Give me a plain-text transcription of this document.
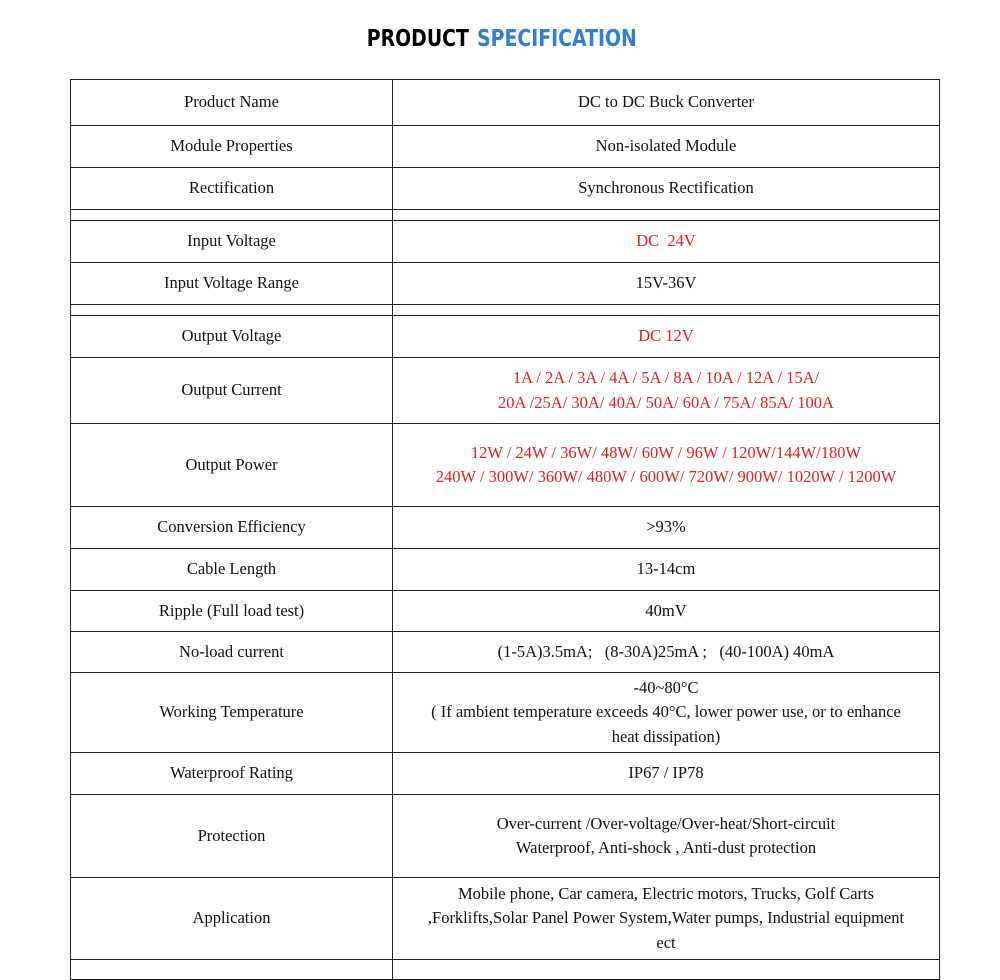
PRODUCT SPECIFICATION
Product Name	DC to DC Buck Converter
Module Properties	Non-isolated Module
Rectification	Synchronous Rectification

Input Voltage	DC  24V
Input Voltage Range	15V-36V

Output Voltage	DC 12V
Output Current	1A / 2A / 3A / 4A / 5A / 8A / 10A / 12A / 15A/
20A /25A/ 30A/ 40A/ 50A/ 60A / 75A/ 85A/ 100A

Output Power	12W / 24W / 36W/ 48W/ 60W / 96W / 120W/144W/180W
240W / 300W/ 360W/ 480W / 600W/ 720W/ 900W/ 1020W / 1200W

Conversion Efficiency	>93%
Cable Length	13-14cm
Ripple (Full load test)	40mV
No-load current	(1-5A)3.5mA;   (8-30A)25mA ;   (40-100A) 40mA
Working Temperature	-40~80°C
( If ambient temperature exceeds 40°C, lower power use, or to enhance
heat dissipation)

Waterproof Rating	IP67 / IP78
Protection	Over-current /Over-voltage/Over-heat/Short-circuit
Waterproof, Anti-shock , Anti-dust protection

Application	Mobile phone, Car camera, Electric motors, Trucks, Golf Carts
,Forklifts,Solar Panel Power System,Water pumps, Industrial equipment
ect
